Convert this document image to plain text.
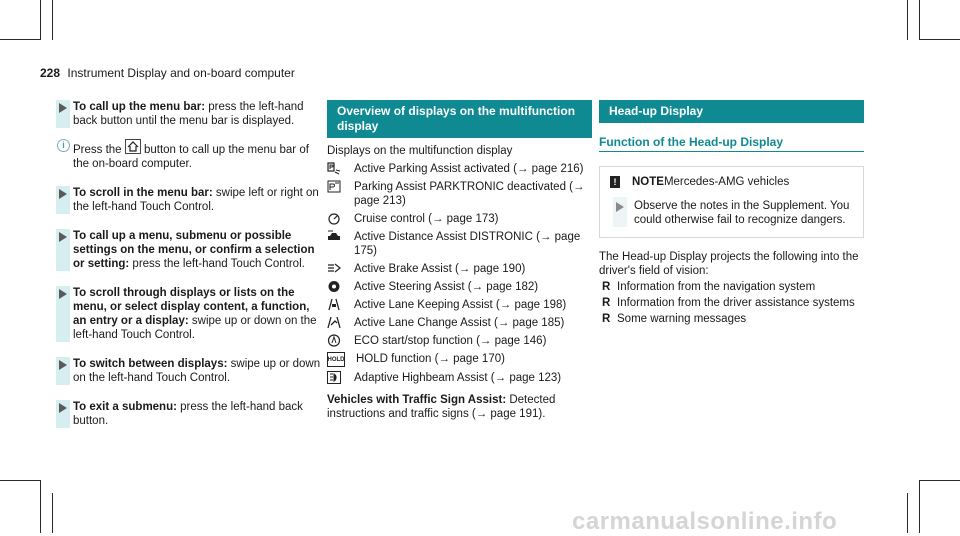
228 Instrument Display and on-board computer
To call up the menu bar: press the left-hand back button until the menu bar is displayed.
i Press the  button to call up the menu bar of the on-board computer.
To scroll in the menu bar: swipe left or right on the left-hand Touch Control.
To call up a menu, submenu or possible settings on the menu, or confirm a selection or setting: press the left-hand Touch Control.
To scroll through displays or lists on the menu, or select display content, a function, an entry or a display: swipe up or down on the left-hand Touch Control.
To switch between displays: swipe up or down on the left-hand Touch Control.
To exit a submenu: press the left-hand back button.
Overview of displays on the multifunction display
Displays on the multifunction display
Active Parking Assist activated (→ page 216)
Parking Assist PARKTRONIC deactivated (→ page 213)
Cruise control (→ page 173)
Active Distance Assist DISTRONIC (→ page 175)
Active Brake Assist (→ page 190)
Active Steering Assist (→ page 182)
Active Lane Keeping Assist (→ page 198)
Active Lane Change Assist (→ page 185)
ECO start/stop function (→ page 146)
HOLD HOLD function (→ page 170)
Adaptive Highbeam Assist (→ page 123)
Vehicles with Traffic Sign Assist: Detected instructions and traffic signs (→ page 191).
Head-up Display
Function of the Head-up Display
!	NOTE Mercedes-AMG vehicles
Observe the notes in the Supplement. You could otherwise fail to recognize dangers.
The Head-up Display projects the following into the driver's field of vision:
R Information from the navigation system
R Information from the driver assistance systems
R Some warning messages
carmanualsonline.info
